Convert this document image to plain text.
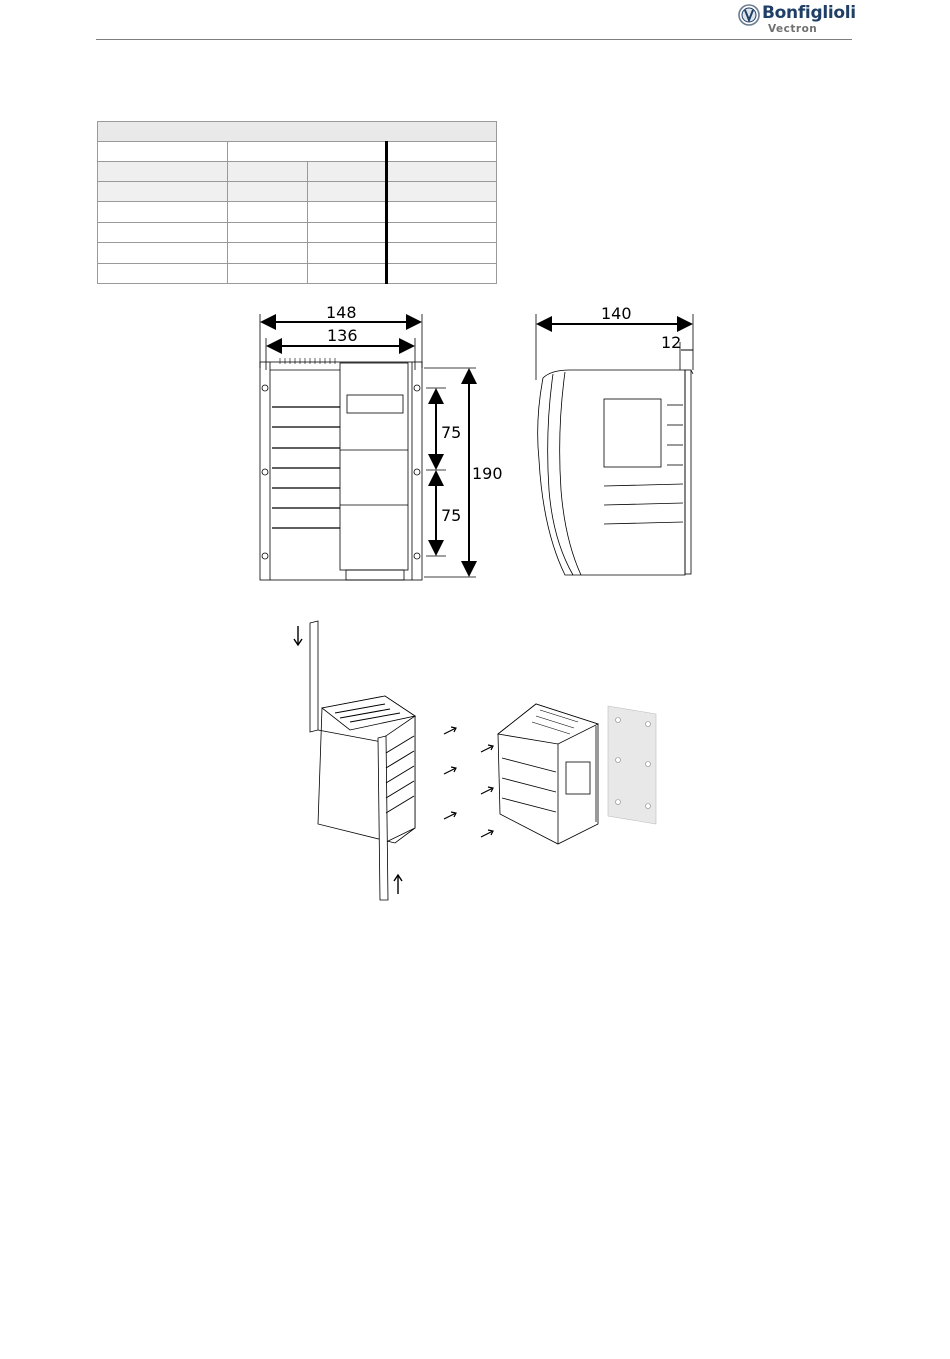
Bonfiglioli
Vectron
148
136
75
75
190
140
12
